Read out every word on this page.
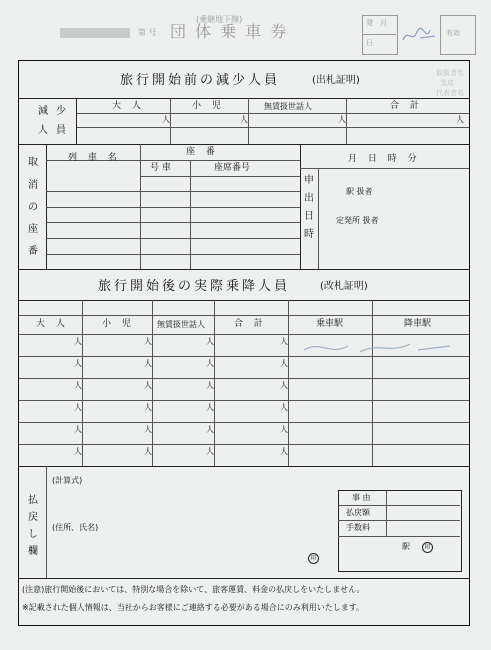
(乗継地下線)
第 号 団 体 乗 車 券	発 月
日
有効
取扱者名
支店
代表者名
旅行開始前の減少人員	(出札証明)
減 少
人 員
大 人	小 児	無賃扱世話人	合 計
人	人	人	人
取
消
の
座
番
列 車 名
座 番
号 車	座席番号
月 日 時 分
申
出
日
時
駅 扱者
定発所 扱者
旅行開始後の実際乗降人員	(改札証明)
大 人	小 児	無賃扱世話人	合 計	乗車駅	降車駅
人	人	人	人
人	人	人	人
人	人	人	人
人	人	人	人
人	人	人	人
人	人	人	人
払
戻
し
欄
(計算式)
(住所、氏名)
印
事 由
払戻額
手数料
駅	印
(注意)旅行開始後においては、特別な場合を除いて、旅客運賃、料金の払戻しをいたしません。
※記載された個人情報は、当社からお客様にご連絡する必要がある場合にのみ利用いたします。
